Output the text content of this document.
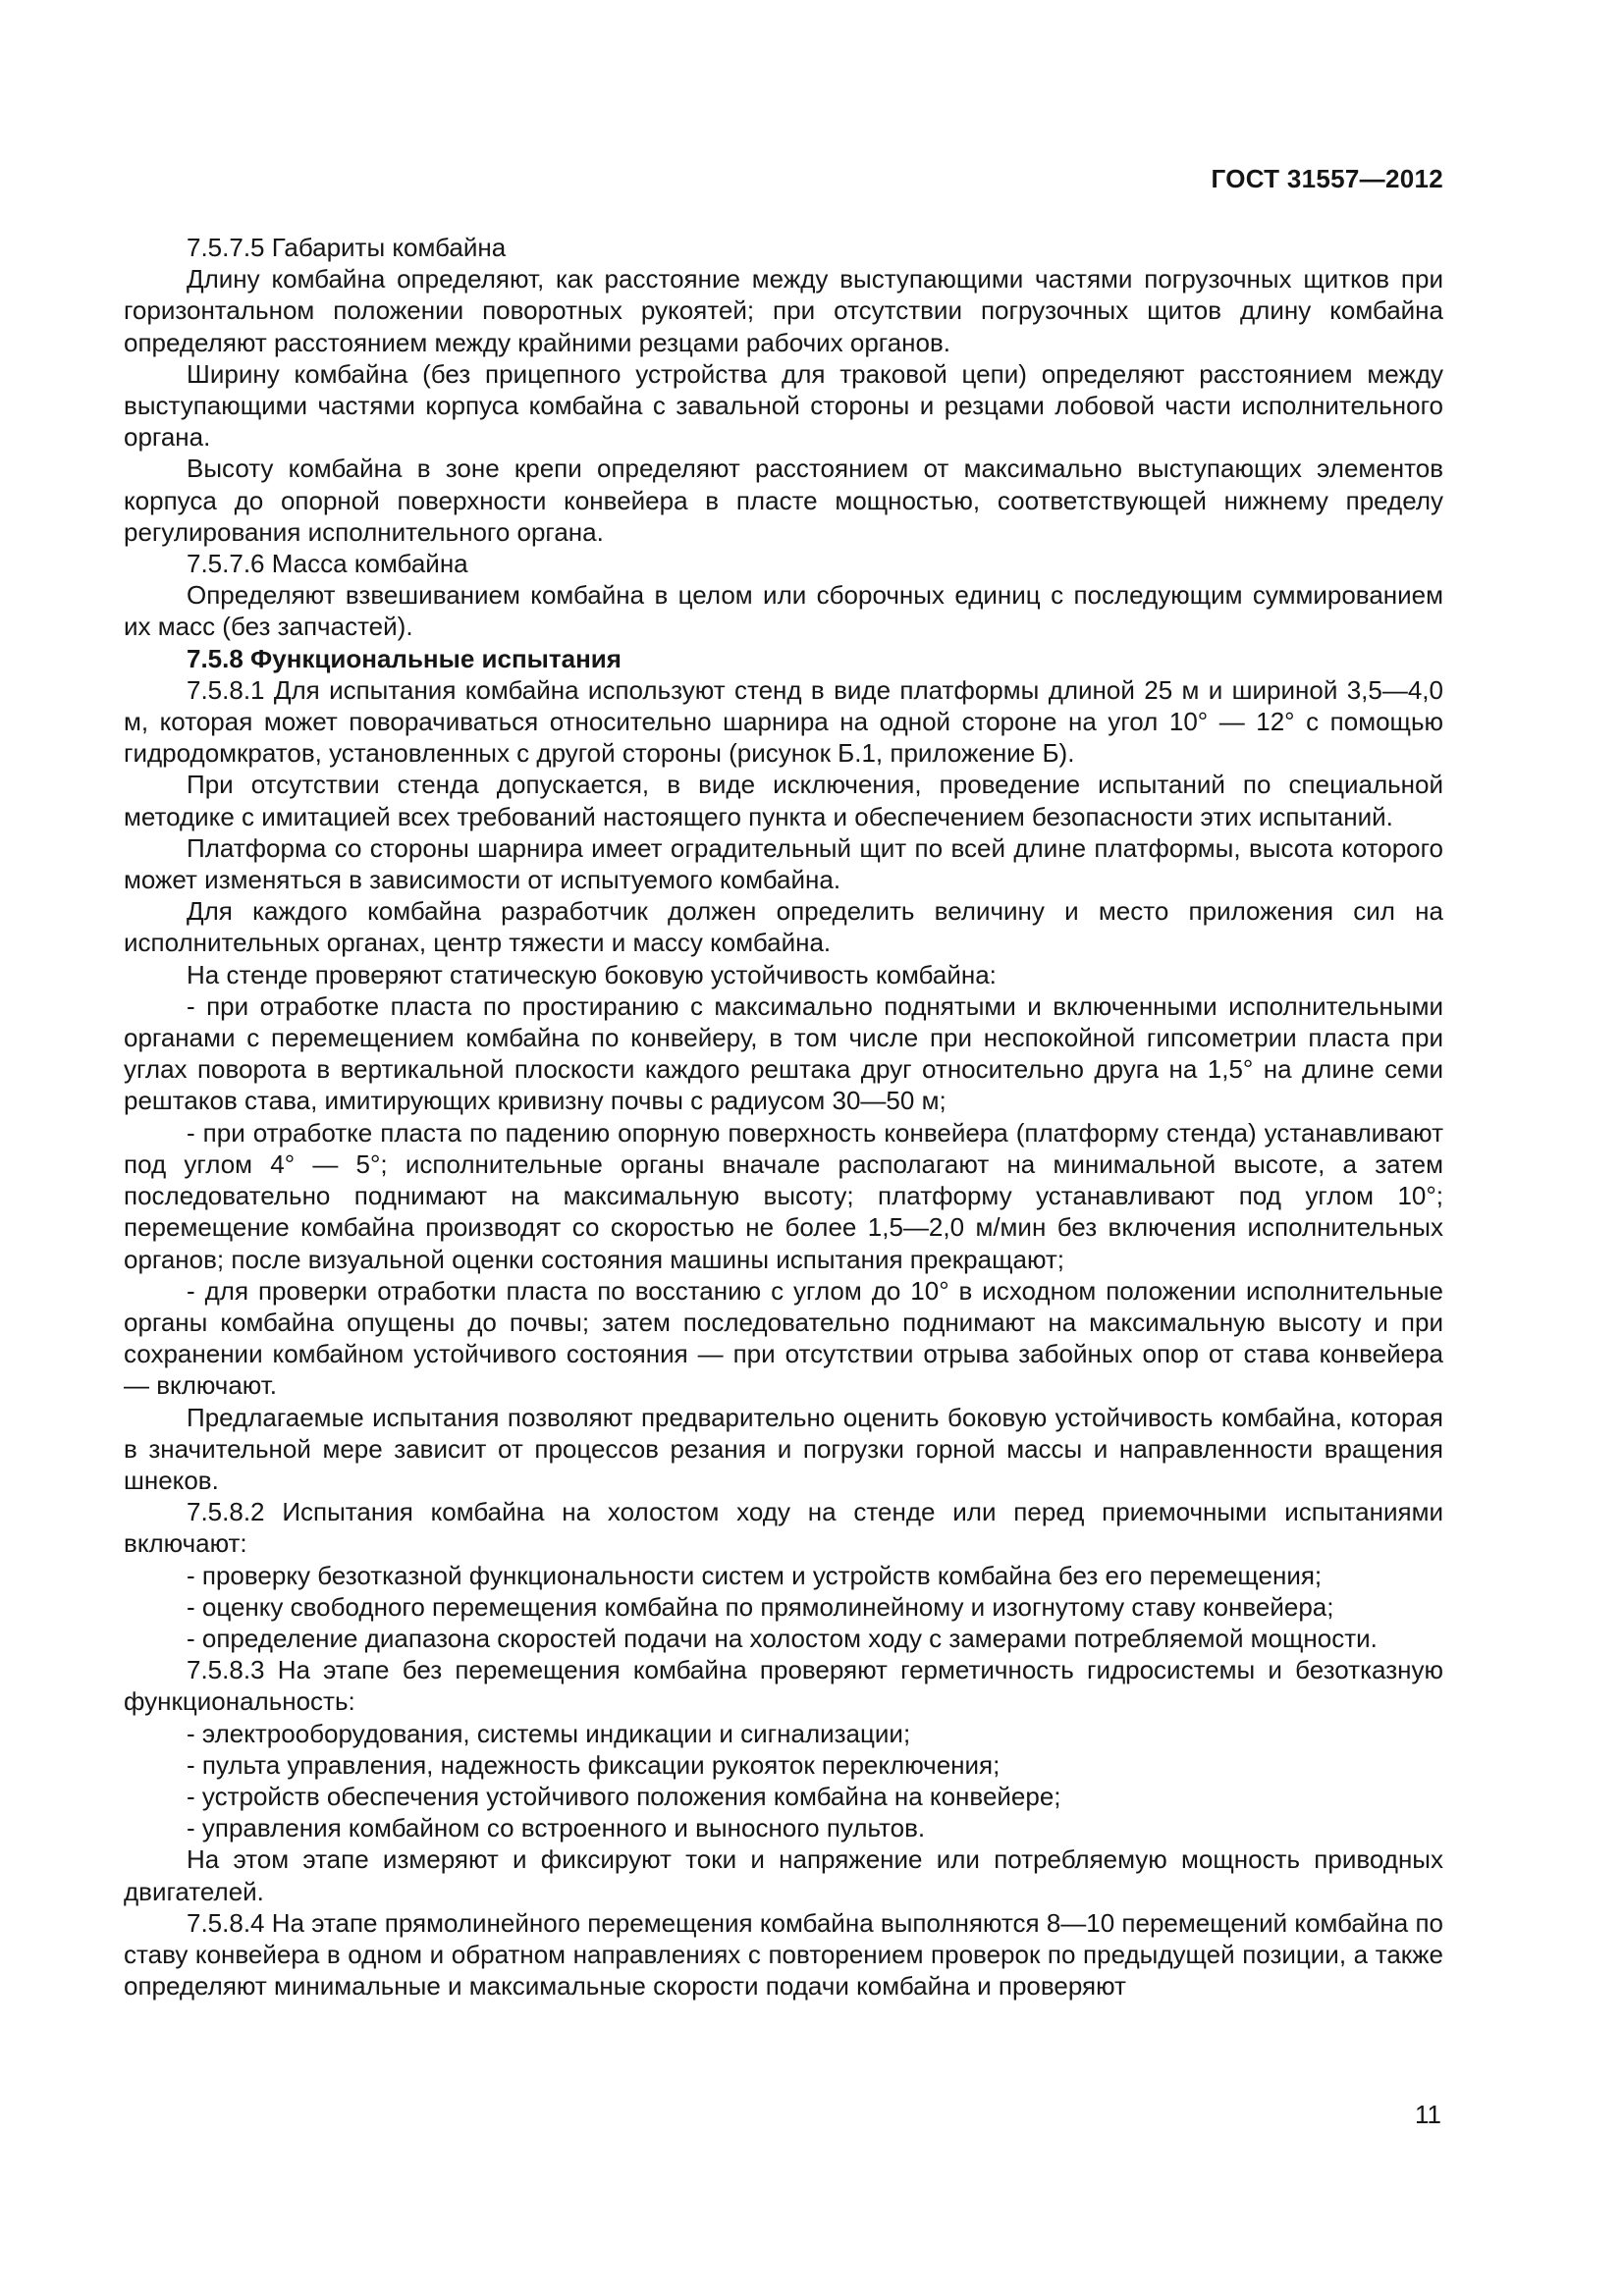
ГОСТ 31557—2012

7.5.7.5 Габариты комбайна

Длину комбайна определяют, как расстояние между выступающими частями погрузочных щитков при горизонтальном положении поворотных рукоятей; при отсутствии погрузочных щитов длину комбайна определяют расстоянием между крайними резцами рабочих органов.

Ширину комбайна (без прицепного устройства для траковой цепи) определяют расстоянием между выступающими частями корпуса комбайна с завальной стороны и резцами лобовой части исполнительного органа.

Высоту комбайна в зоне крепи определяют расстоянием от максимально выступающих элементов корпуса до опорной поверхности конвейера в пласте мощностью, соответствующей нижнему пределу регулирования исполнительного органа.

7.5.7.6 Масса комбайна

Определяют взвешиванием комбайна в целом или сборочных единиц с последующим суммированием их масс (без запчастей).

7.5.8 Функциональные испытания

7.5.8.1 Для испытания комбайна используют стенд в виде платформы длиной 25 м и шириной 3,5—4,0 м, которая может поворачиваться относительно шарнира на одной стороне на угол 10° — 12° с помощью гидродомкратов, установленных с другой стороны (рисунок Б.1, приложение Б).

При отсутствии стенда допускается, в виде исключения, проведение испытаний по специальной методике с имитацией всех требований настоящего пункта и обеспечением безопасности этих испытаний.

Платформа со стороны шарнира имеет оградительный щит по всей длине платформы, высота которого может изменяться в зависимости от испытуемого комбайна.

Для каждого комбайна разработчик должен определить величину и место приложения сил на исполнительных органах, центр тяжести и массу комбайна.

На стенде проверяют статическую боковую устойчивость комбайна:

- при отработке пласта по простиранию с максимально поднятыми и включенными исполнительными органами с перемещением комбайна по конвейеру, в том числе при неспокойной гипсометрии пласта при углах поворота в вертикальной плоскости каждого рештака друг относительно друга на 1,5° на длине семи рештаков става, имитирующих кривизну почвы с радиусом 30—50 м;

- при отработке пласта по падению опорную поверхность конвейера (платформу стенда) устанавливают под углом 4° — 5°; исполнительные органы вначале располагают на минимальной высоте, а затем последовательно поднимают на максимальную высоту; платформу устанавливают под углом 10°; перемещение комбайна производят со скоростью не более 1,5—2,0 м/мин без включения исполнительных органов; после визуальной оценки состояния машины испытания прекращают;

- для проверки отработки пласта по восстанию с углом до 10° в исходном положении исполнительные органы комбайна опущены до почвы; затем последовательно поднимают на максимальную высоту и при сохранении комбайном устойчивого состояния — при отсутствии отрыва забойных опор от става конвейера — включают.

Предлагаемые испытания позволяют предварительно оценить боковую устойчивость комбайна, которая в значительной мере зависит от процессов резания и погрузки горной массы и направленности вращения шнеков.

7.5.8.2 Испытания комбайна на холостом ходу на стенде или перед приемочными испытаниями включают:

- проверку безотказной функциональности систем и устройств комбайна без его перемещения;

- оценку свободного перемещения комбайна по прямолинейному и изогнутому ставу конвейера;

- определение диапазона скоростей подачи на холостом ходу с замерами потребляемой мощности.

7.5.8.3 На этапе без перемещения комбайна проверяют герметичность гидросистемы и безотказную функциональность:

- электрооборудования, системы индикации и сигнализации;

- пульта управления, надежность фиксации рукояток переключения;

- устройств обеспечения устойчивого положения комбайна на конвейере;

- управления комбайном со встроенного и выносного пультов.

На этом этапе измеряют и фиксируют токи и напряжение или потребляемую мощность приводных двигателей.

7.5.8.4 На этапе прямолинейного перемещения комбайна выполняются 8—10 перемещений комбайна по ставу конвейера в одном и обратном направлениях с повторением проверок по предыдущей позиции, а также определяют минимальные и максимальные скорости подачи комбайна и проверяют

11
